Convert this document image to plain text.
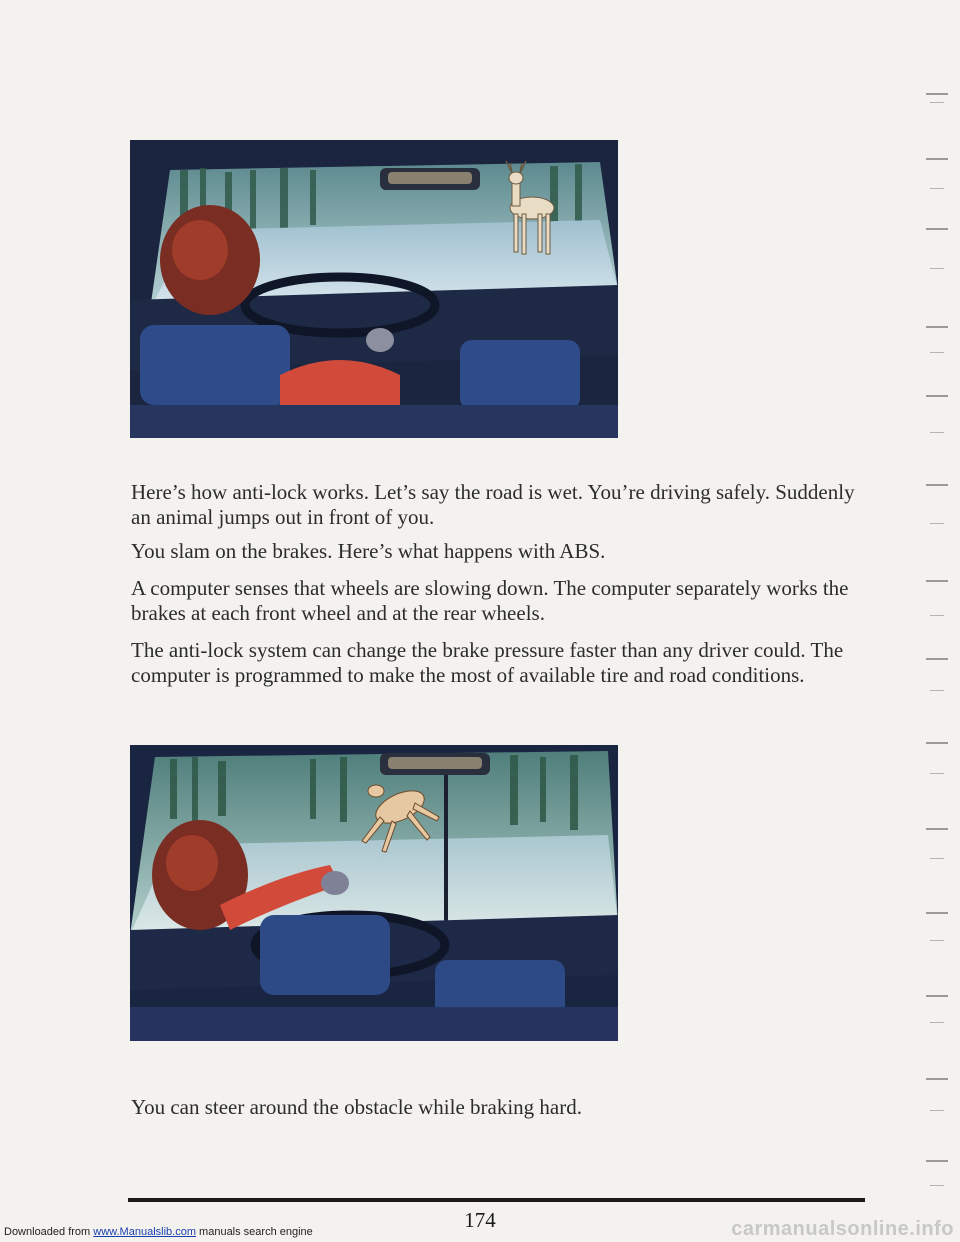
Here’s how anti-lock works. Let’s say the road is wet. You’re driving safely. Suddenly an animal jumps out in front of you.

You slam on the brakes. Here’s what happens with ABS.

A computer senses that wheels are slowing down. The computer separately works the brakes at each front wheel and at the rear wheels.

The anti-lock system can change the brake pressure faster than any driver could. The computer is programmed to make the most of available tire and road conditions.

You can steer around the obstacle while braking hard.

174
Downloaded from www.Manualslib.com manuals search engine	carmanualsonline.info
